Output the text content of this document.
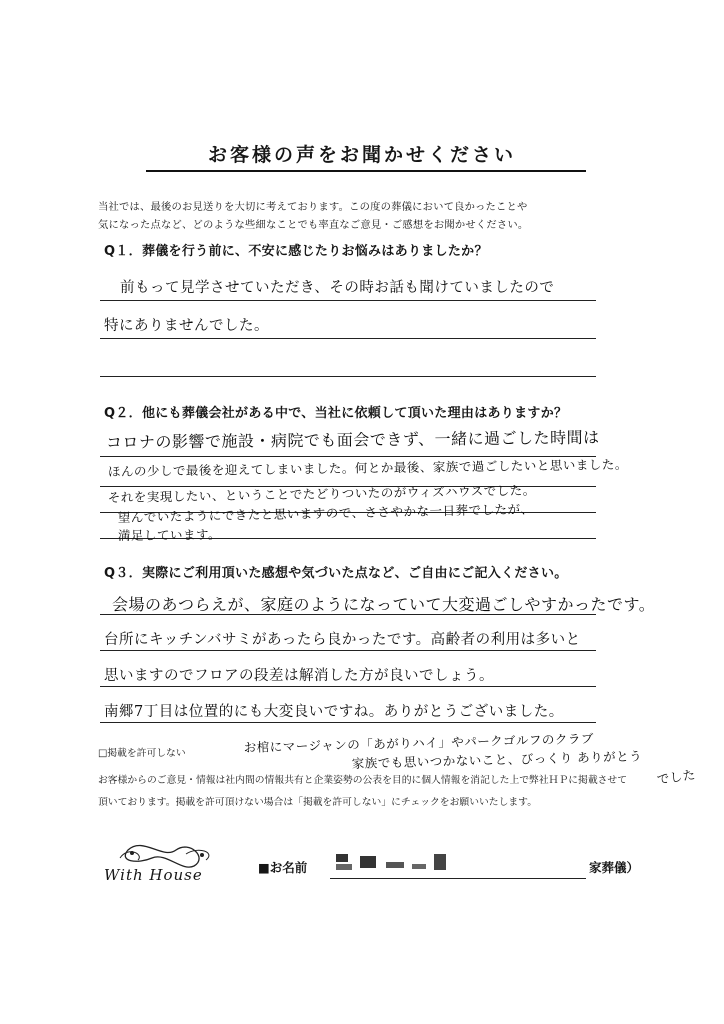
お客様の声をお聞かせください
当社では、最後のお見送りを大切に考えております。この度の葬儀において良かったことや
気になった点など、どのような些細なことでも率直なご意見・ご感想をお聞かせください。
Q１．葬儀を行う前に、不安に感じたりお悩みはありましたか？
前もって見学させていただき、その時お話も聞けていましたので
特にありませんでした。
Q２．他にも葬儀会社がある中で、当社に依頼して頂いた理由はありますか？
コロナの影響で施設・病院でも面会できず、一緒に過ごした時間は
ほんの少しで最後を迎えてしまいました。何とか最後、家族で過ごしたいと思いました。
それを実現したい、ということでたどりついたのがウィズハウスでした。
望んでいたようにできたと思いますので、ささやかな一日葬でしたが、
満足しています。
Q３．実際にご利用頂いた感想や気づいた点など、ご自由にご記入ください。
会場のあつらえが、家庭のようになっていて大変過ごしやすかったです。
台所にキッチンバサミがあったら良かったです。高齢者の利用は多いと
思いますのでフロアの段差は解消した方が良いでしょう。
南郷7丁目は位置的にも大変良いですね。ありがとうございました。
お棺にマージャンの「あがりハイ」やパークゴルフのクラブ
家族でも思いつかないこと、びっくり ありがとう
でした
□掲載を許可しない
お客様からのご意見・情報は社内間の情報共有と企業姿勢の公表を目的に個人情報を消記した上で弊社ＨＰに掲載させて
頂いております。掲載を許可頂けない場合は「掲載を許可しない」にチェックをお願いいたします。
With House	■お名前	家葬儀）
